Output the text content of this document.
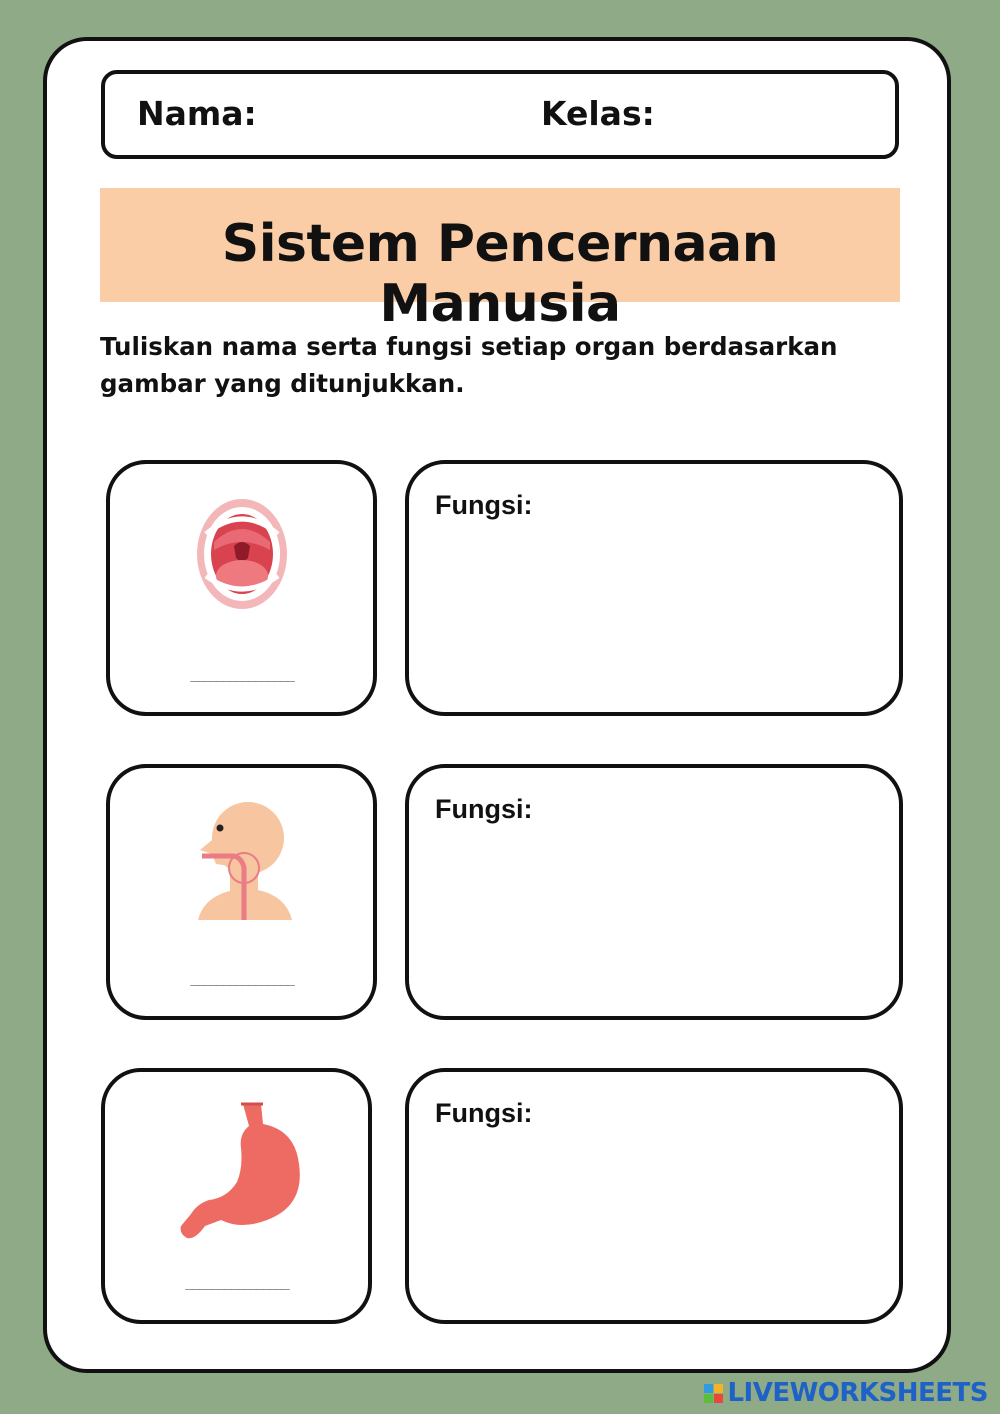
Nama:	Kelas:
Sistem Pencernaan Manusia
Tuliskan nama serta fungsi setiap organ berdasarkan gambar yang ditunjukkan.
________________
Fungsi:
________________
Fungsi:
________________
Fungsi:
LIVEWORKSHEETS
